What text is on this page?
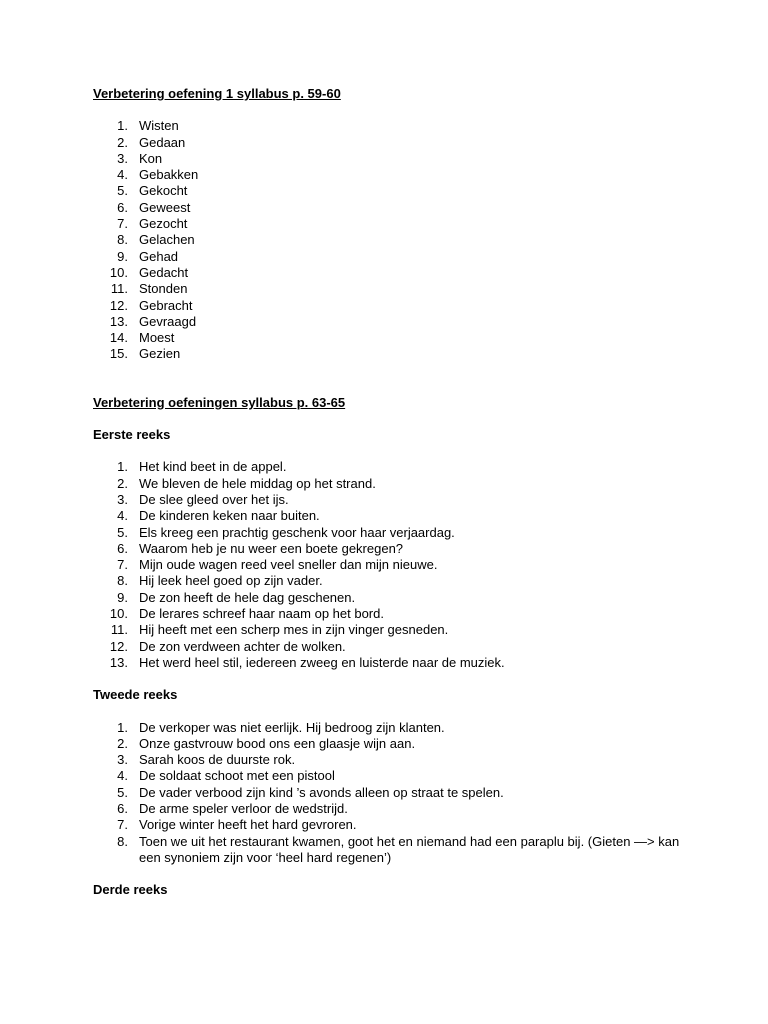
Verbetering oefening 1 syllabus p. 59-60

1. Wisten
2. Gedaan
3. Kon
4. Gebakken
5. Gekocht
6. Geweest
7. Gezocht
8. Gelachen
9. Gehad
10. Gedacht
11. Stonden
12. Gebracht
13. Gevraagd
14. Moest
15. Gezien

Verbetering oefeningen syllabus p. 63-65

Eerste reeks

1. Het kind beet in de appel.
2. We bleven de hele middag op het strand.
3. De slee gleed over het ijs.
4. De kinderen keken naar buiten.
5. Els kreeg een prachtig geschenk voor haar verjaardag.
6. Waarom heb je nu weer een boete gekregen?
7. Mijn oude wagen reed veel sneller dan mijn nieuwe.
8. Hij leek heel goed op zijn vader.
9. De zon heeft de hele dag geschenen.
10. De lerares schreef haar naam op het bord.
11. Hij heeft met een scherp mes in zijn vinger gesneden.
12. De zon verdween achter de wolken.
13. Het werd heel stil, iedereen zweeg en luisterde naar de muziek.

Tweede reeks

1. De verkoper was niet eerlijk. Hij bedroog zijn klanten.
2. Onze gastvrouw bood ons een glaasje wijn aan.
3. Sarah koos de duurste rok.
4. De soldaat schoot met een pistool
5. De vader verbood zijn kind ’s avonds alleen op straat te spelen.
6. De arme speler verloor de wedstrijd.
7. Vorige winter heeft het hard gevroren.
8. Toen we uit het restaurant kwamen, goot het en niemand had een paraplu bij. (Gieten —> kan een synoniem zijn voor ‘heel hard regenen’)

Derde reeks
